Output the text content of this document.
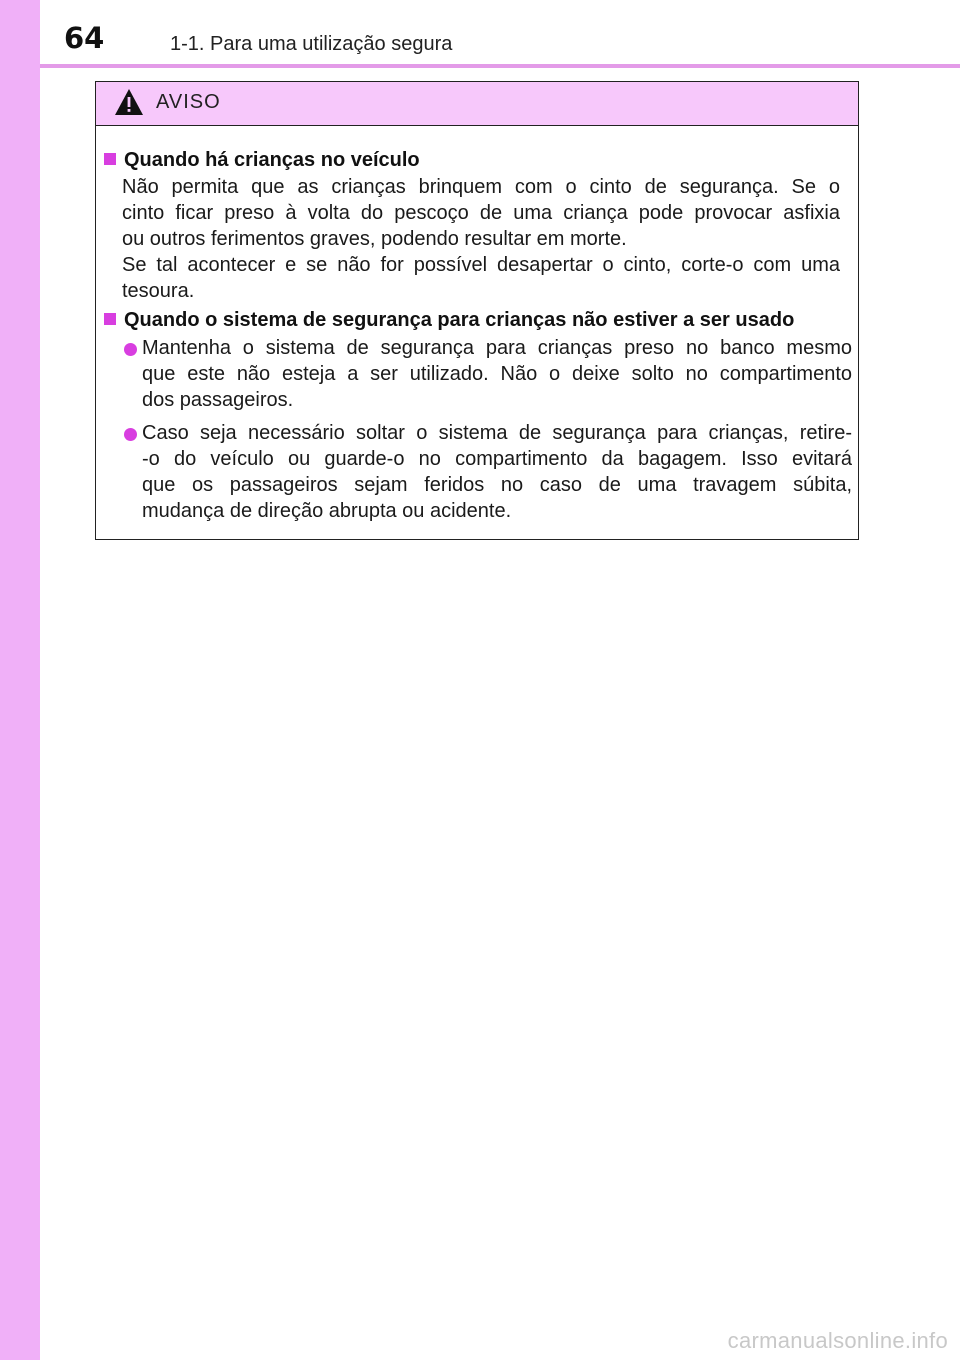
64	1-1. Para uma utilização segura
AVISO
Quando há crianças no veículo
Não permita que as crianças brinquem com o cinto de segurança. Se o
cinto ficar preso à volta do pescoço de uma criança pode provocar asfixia
ou outros ferimentos graves, podendo resultar em morte.
Se tal acontecer e se não for possível desapertar o cinto, corte-o com uma
tesoura.
Quando o sistema de segurança para crianças não estiver a ser usado
Mantenha o sistema de segurança para crianças preso no banco mesmo
que este não esteja a ser utilizado. Não o deixe solto no compartimento
dos passageiros.
Caso seja necessário soltar o sistema de segurança para crianças, retire-
-o do veículo ou guarde-o no compartimento da bagagem. Isso evitará
que os passageiros sejam feridos no caso de uma travagem súbita,
mudança de direção abrupta ou acidente.
carmanualsonline.info
